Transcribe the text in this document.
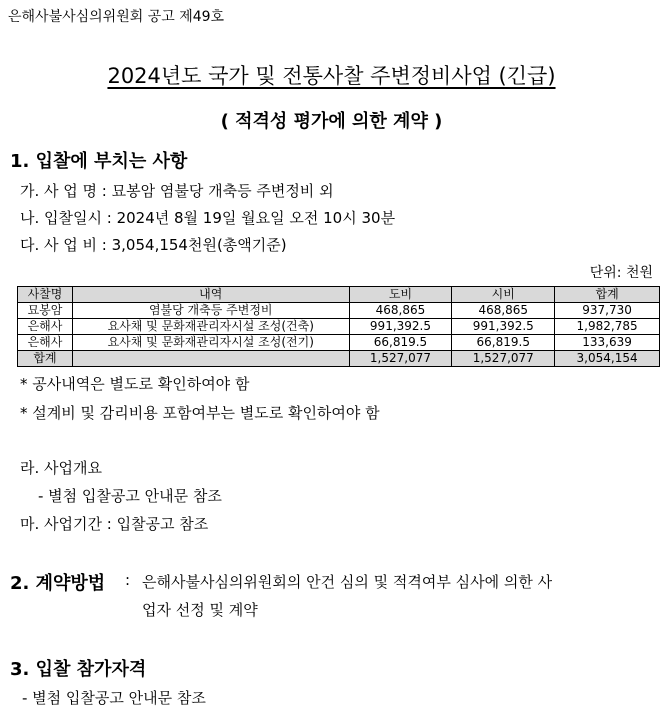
은해사불사심의위원회 공고 제49호
2024년도 국가 및 전통사찰 주변정비사업 (긴급)
( 적격성 평가에 의한 계약 )
1. 입찰에 부치는 사항
가. 사 업 명 : 묘봉암 염불당 개축등 주변정비 외
나. 입찰일시 : 2024년 8월 19일 월요일 오전 10시 30분
다. 사 업 비 : 3,054,154천원(총액기준)
단위: 천원
사찰명	내역	도비	시비	합계
묘봉암	염불당 개축등 주변정비	468,865	468,865	937,730
은해사	요사채 및 문화재관리자시설 조성(건축)	991,392.5	991,392.5	1,982,785
은해사	요사채 및 문화재관리자시설 조성(전기)	66,819.5	66,819.5	133,639
합계		1,527,077	1,527,077	3,054,154
* 공사내역은 별도로 확인하여야 함
* 설계비 및 감리비용 포함여부는 별도로 확인하여야 함
라. 사업개요
- 별첨 입찰공고 안내문 참조
마. 사업기간 : 입찰공고 참조
2. 계약방법 : 은해사불사심의위원회의 안건 심의 및 적격여부 심사에 의한 사
업자 선정 및 계약
3. 입찰 참가자격
- 별첨 입찰공고 안내문 참조
